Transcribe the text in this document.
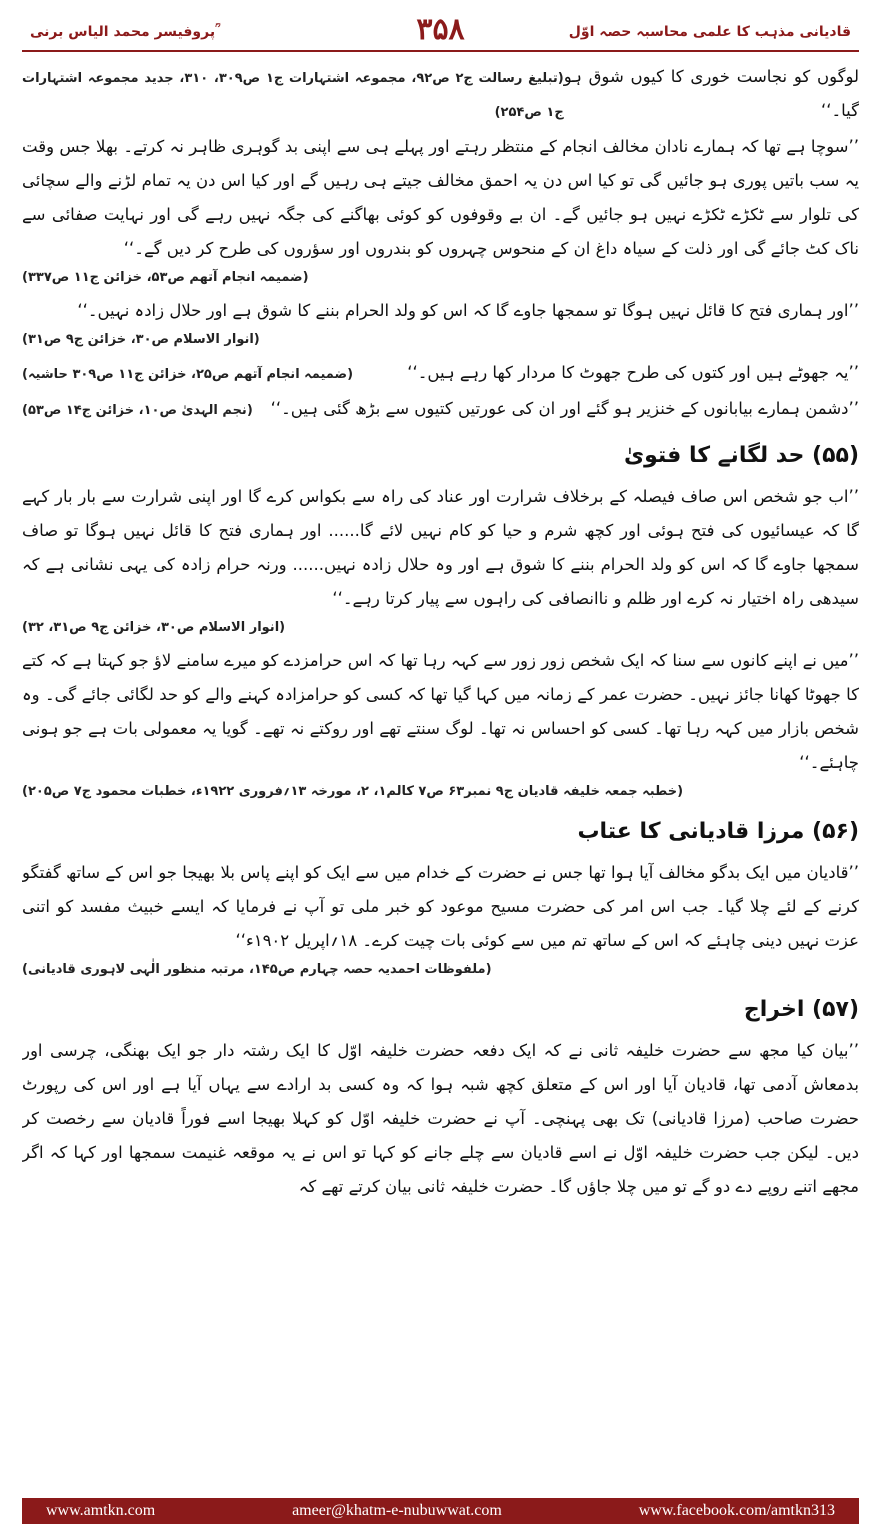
پروفیسر محمد الیاس برنی ؒ	۳۵۸	قادیانی مذہب کا علمی محاسبہ حصہ اوّل
لوگوں کو نجاست خوری کا کیوں شوق ہو گیا۔‘‘
(تبلیغ رسالت ج۲ ص۹۲، مجموعہ اشتہارات ج۱ ص۳۰۹، ۳۱۰، جدید مجموعہ اشتہارات ج۱ ص۲۵۴)

’’سوچا ہے تھا کہ ہمارے نادان مخالف انجام کے منتظر رہتے اور پہلے ہی سے اپنی بد گوہری ظاہر نہ کرتے۔ بھلا جس وقت یہ سب باتیں پوری ہو جائیں گی تو کیا اس دن یہ احمق مخالف جیتے ہی رہیں گے اور کیا اس دن یہ تمام لڑنے والے سچائی کی تلوار سے ٹکڑے ٹکڑے نہیں ہو جائیں گے۔ ان بے وقوفوں کو کوئی بھاگنے کی جگہ نہیں رہے گی اور نہایت صفائی سے ناک کٹ جائے گی اور ذلت کے سیاہ داغ ان کے منحوس چہروں کو بندروں اور سؤروں کی طرح کر دیں گے۔‘‘

(ضمیمہ انجام آتھم ص۵۳، خزائن ج۱۱ ص۳۳۷)

’’اور ہماری فتح کا قائل نہیں ہوگا تو سمجھا جاوے گا کہ اس کو ولد الحرام بننے کا شوق ہے اور حلال زادہ نہیں۔‘‘

(انوار الاسلام ص۳۰، خزائن ج۹ ص۳۱)

’’یہ جھوٹے ہیں اور کتوں کی طرح جھوٹ کا مردار کھا رہے ہیں۔‘‘
(ضمیمہ انجام آتھم ص۲۵، خزائن ج۱۱ ص۳۰۹ حاشیہ)
’’دشمن ہمارے بیابانوں کے خنزیر ہو گئے اور ان کی عورتیں کتیوں سے بڑھ گئی ہیں۔‘‘
(نجم الہدیٰ ص۱۰، خزائن ج۱۴ ص۵۳)
(۵۵) حد لگانے کا فتویٰ

’’اب جو شخص اس صاف فیصلہ کے برخلاف شرارت اور عناد کی راہ سے بکواس کرے گا اور اپنی شرارت سے بار بار کہے گا کہ عیسائیوں کی فتح ہوئی اور کچھ شرم و حیا کو کام نہیں لائے گا...... اور ہماری فتح کا قائل نہیں ہوگا تو صاف سمجھا جاوے گا کہ اس کو ولد الحرام بننے کا شوق ہے اور وہ حلال زادہ نہیں...... ورنہ حرام زادہ کی یہی نشانی ہے کہ سیدھی راہ اختیار نہ کرے اور ظلم و ناانصافی کی راہوں سے پیار کرتا رہے۔‘‘

(انوار الاسلام ص۳۰، خزائن ج۹ ص۳۱، ۳۲)

’’میں نے اپنے کانوں سے سنا کہ ایک شخص زور زور سے کہہ رہا تھا کہ اس حرامزدے کو میرے سامنے لاؤ جو کہتا ہے کہ کتے کا جھوٹا کھانا جائز نہیں۔ حضرت عمر کے زمانہ میں کہا گیا تھا کہ کسی کو حرامزادہ کہنے والے کو حد لگائی جائے گی۔ وہ شخص بازار میں کہہ رہا تھا۔ کسی کو احساس نہ تھا۔ لوگ سنتے تھے اور روکتے نہ تھے۔ گویا یہ معمولی بات ہے جو ہونی چاہئے۔‘‘

(خطبہ جمعہ خلیفہ قادیان ج۹ نمبر۶۳ ص۷ کالم۱، ۲، مورخہ ۱۳؍فروری ۱۹۲۲ء، خطبات محمود ج۷ ص۲۰۵)

(۵۶) مرزا قادیانی کا عتاب

’’قادیان میں ایک بدگو مخالف آیا ہوا تھا جس نے حضرت کے خدام میں سے ایک کو اپنے پاس بلا بھیجا جو اس کے ساتھ گفتگو کرنے کے لئے چلا گیا۔ جب اس امر کی حضرت مسیح موعود کو خبر ملی تو آپ نے فرمایا کہ ایسے خبیث مفسد کو اتنی عزت نہیں دینی چاہئے کہ اس کے ساتھ تم میں سے کوئی بات چیت کرے۔ ۱۸؍اپریل ۱۹۰۲ء‘‘

(ملفوظات احمدیہ حصہ چہارم ص۱۴۵، مرتبہ منظور الٰہی لاہوری قادیانی)

(۵۷) اخراج

’’بیان کیا مجھ سے حضرت خلیفہ ثانی نے کہ ایک دفعہ حضرت خلیفہ اوّل کا ایک رشتہ دار جو ایک بھنگی، چرسی اور بدمعاش آدمی تھا، قادیان آیا اور اس کے متعلق کچھ شبہ ہوا کہ وہ کسی بد ارادے سے یہاں آیا ہے اور اس کی رپورٹ حضرت صاحب (مرزا قادیانی) تک بھی پہنچی۔ آپ نے حضرت خلیفہ اوّل کو کہلا بھیجا اسے فوراً قادیان سے رخصت کر دیں۔ لیکن جب حضرت خلیفہ اوّل نے اسے قادیان سے چلے جانے کو کہا تو اس نے یہ موقعہ غنیمت سمجھا اور کہا کہ اگر مجھے اتنے روپے دے دو گے تو میں چلا جاؤں گا۔ حضرت خلیفہ ثانی بیان کرتے تھے کہ

www.amtkn.com	ameer@khatm-e-nubuwwat.com	www.facebook.com/amtkn313
